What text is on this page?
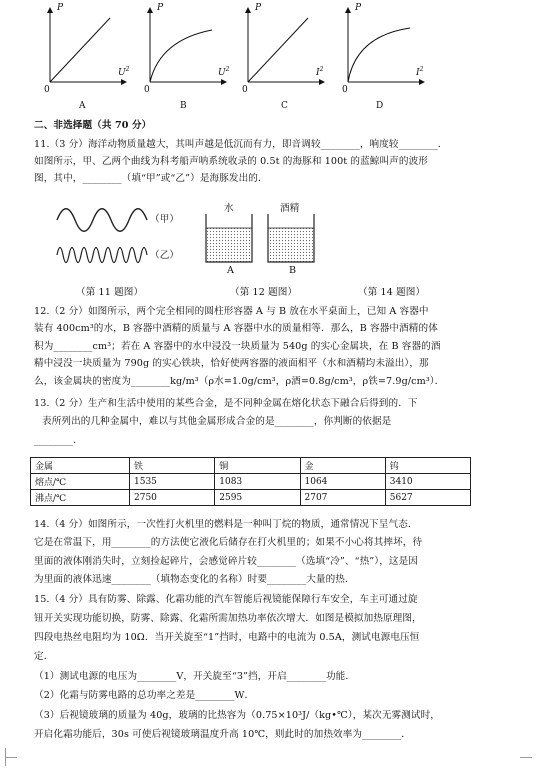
P
$U^2$
0
A
P
$U^2$
0
B
P
$I^2$
0
C
P
$I^2$
0
D
二、非选择题（共 70 分）
11.（3 分）海洋动物质量越大，其叫声越是低沉而有力，即音调较________，响度较________．
如图所示，甲、乙两个曲线为科考船声呐系统收录的 0.5t 的海豚和 100t 的蓝鲸叫声的波形
图，其中，________（填“甲”或“乙”）是海豚发出的．
（甲）
（乙）
水	酒精
A	B
（第 11 题图）	（第 12 题图）	（第 14 题图）
12.（2 分）如图所示，两个完全相同的圆柱形容器 A 与 B 放在水平桌面上，已知 A 容器中
装有 400cm³的水，B 容器中酒精的质量与 A 容器中水的质量相等．那么，B 容器中酒精的体
积为________cm³；若在 A 容器中的水中浸没一块质量为 540g 的实心金属块，在 B 容器的酒
精中浸没一块质量为 790g 的实心铁块，恰好使两容器的液面相平（水和酒精均未溢出），那
么，该金属块的密度为________kg/m³（ρ水=1.0g/cm³，ρ酒=0.8g/cm³，ρ铁=7.9g/cm³）．
13.（2 分）生产和生活中使用的某些合金，是不同种金属在熔化状态下融合后得到的．下
表所列出的几种金属中，难以与其他金属形成合金的是________，你判断的依据是
________．
金属	铁	铜	金	钨
熔点/℃	1535	1083	1064	3410
沸点/℃	2750	2595	2707	5627
14.（4 分）如图所示，一次性打火机里的燃料是一种叫丁烷的物质，通常情况下呈气态．
它是在常温下，用________的方法使它液化后储存在打火机里的；如果不小心将其摔坏，待
里面的液体刚消失时，立刻捡起碎片，会感觉碎片较________（选填“冷”、“热”），这是因
为里面的液体迅速________（填物态变化的名称）时要________大量的热．
15.（4 分）具有防雾、除露、化霜功能的汽车智能后视镜能保障行车安全，车主可通过旋
钮开关实现功能切换，防雾、除露、化霜所需加热功率依次增大．如图是模拟加热原理图，
四段电热丝电阻均为 10Ω．当开关旋至“1”挡时，电路中的电流为 0.5A，测试电源电压恒
定．
（1）测试电源的电压为________V，开关旋至“3”挡，开启________功能．
（2）化霜与防雾电路的总功率之差是________W．
（3）后视镜玻璃的质量为 40g，玻璃的比热容为（0.75×10³J/（kg•℃），某次无雾测试时，
开启化霜功能后，30s 可使后视镜玻璃温度升高 10℃，则此时的加热效率为________．
